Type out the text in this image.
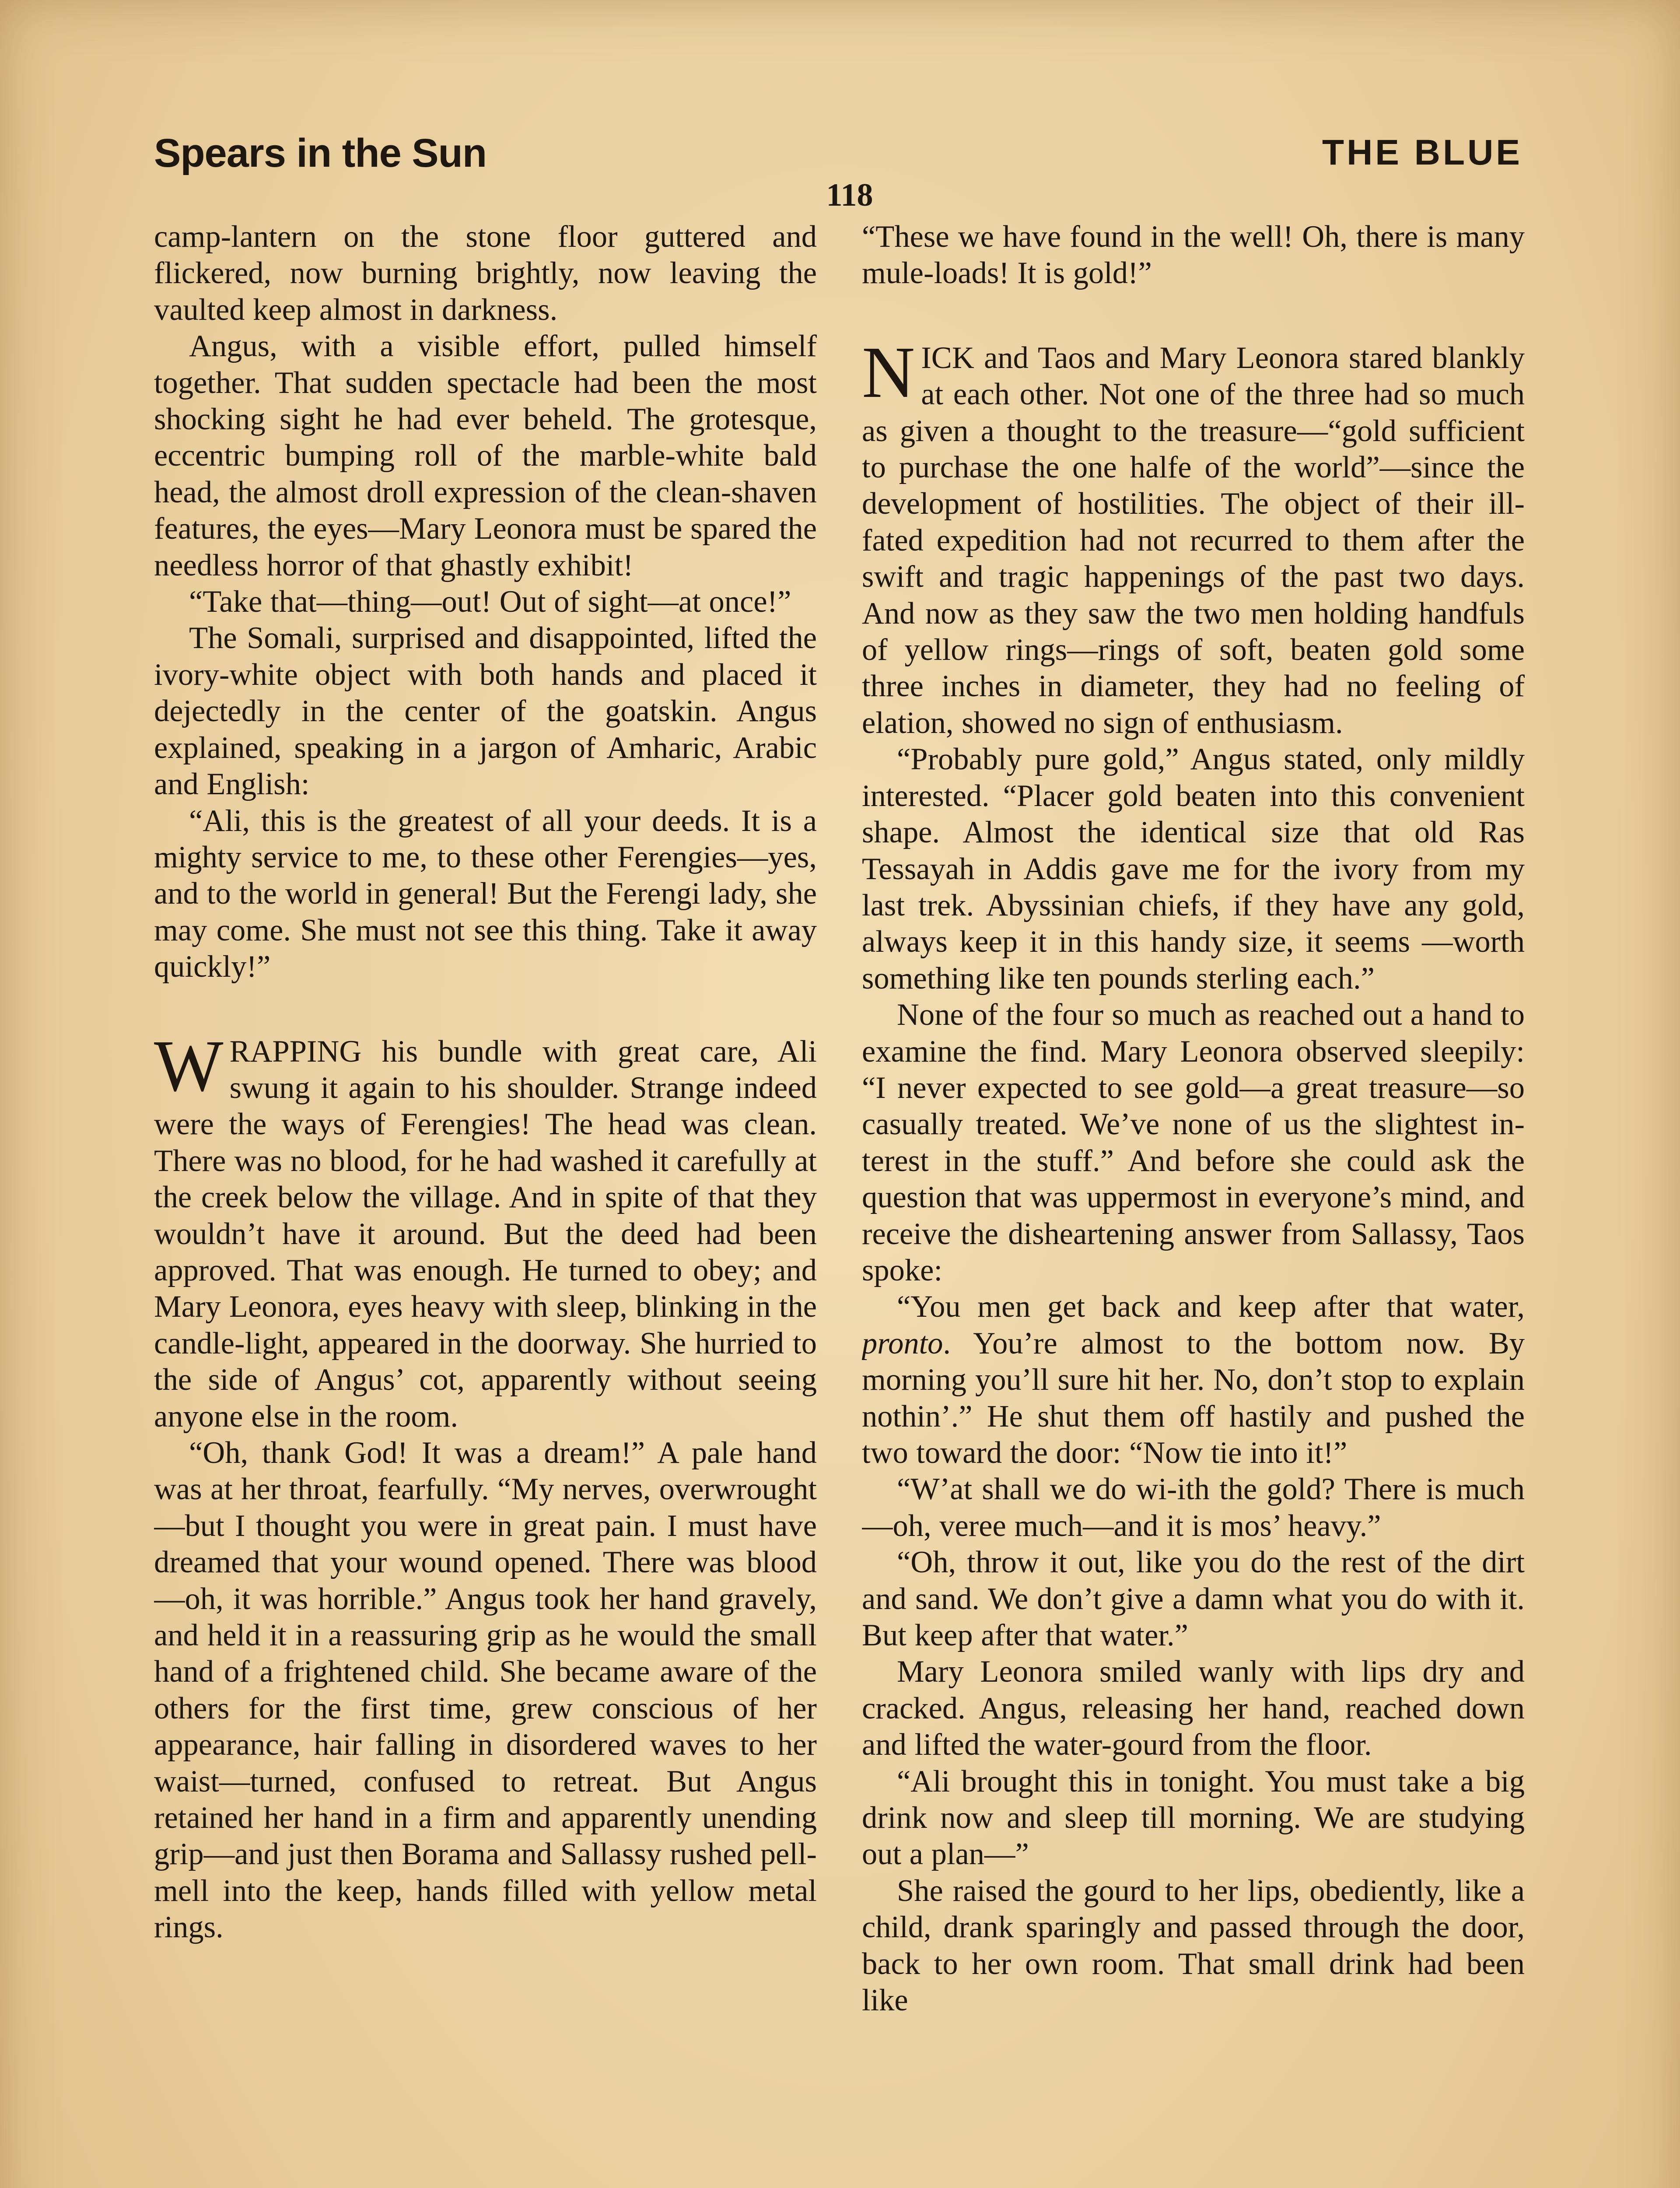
Spears in the Sun	THE BLUE
118

camp-lantern on the stone floor guttered and flickered, now burning brightly, now leaving the vaulted keep almost in darkness.

Angus, with a visible effort, pulled himself together. That sudden spectacle had been the most shocking sight he had ever beheld. The grotesque, eccentric bumping roll of the marble-white bald head, the almost droll expression of the clean-shaven features, the eyes—Mary Leonora must be spared the needless horror of that ghastly exhibit!

“Take that—thing—out! Out of sight—at once!”

The Somali, surprised and disappointed, lifted the ivory-white object with both hands and placed it dejectedly in the center of the goatskin. Angus explained, speaking in a jargon of Amharic, Arabic and English:

“Ali, this is the greatest of all your deeds. It is a mighty service to me, to these other Ferengies—yes, and to the world in general! But the Ferengi lady, she may come. She must not see this thing. Take it away quickly!”

WRAPPING his bundle with great care, Ali swung it again to his shoulder. Strange indeed were the ways of Ferengies! The head was clean. There was no blood, for he had washed it carefully at the creek below the village. And in spite of that they wouldn’t have it around. But the deed had been approved. That was enough. He turned to obey; and Mary Leonora, eyes heavy with sleep, blinking in the candle-light, appeared in the doorway. She hurried to the side of Angus’ cot, apparently without seeing anyone else in the room.

“Oh, thank God! It was a dream!” A pale hand was at her throat, fearfully. “My nerves, overwrought—but I thought you were in great pain. I must have dreamed that your wound opened. There was blood—oh, it was horrible.” Angus took her hand gravely, and held it in a reassuring grip as he would the small hand of a frightened child. She became aware of the others for the first time, grew conscious of her appearance, hair falling in disordered waves to her waist—turned, confused to retreat. But Angus retained her hand in a firm and apparently unending grip—and just then Borama and Sallassy rushed pell-mell into the keep, hands filled with yellow metal rings.

“These we have found in the well! Oh, there is many mule-loads! It is gold!”

NICK and Taos and Mary Leonora stared blankly at each other. Not one of the three had so much as given a thought to the treasure—“gold sufficient to purchase the one halfe of the world”—since the development of hostilities. The object of their ill-fated expedition had not recurred to them after the swift and tragic happenings of the past two days. And now as they saw the two men holding handfuls of yellow rings—rings of soft, beaten gold some three inches in diameter, they had no feeling of elation, showed no sign of enthusiasm.

“Probably pure gold,” Angus stated, only mildly interested. “Placer gold beaten into this convenient shape. Almost the identical size that old Ras Tessayah in Addis gave me for the ivory from my last trek. Abyssinian chiefs, if they have any gold, always keep it in this handy size, it seems —worth something like ten pounds sterling each.”

None of the four so much as reached out a hand to examine the find. Mary Leonora observed sleepily: “I never expected to see gold—a great treasure—so casually treated. We’ve none of us the slightest interest in the stuff.” And before she could ask the question that was uppermost in everyone’s mind, and receive the disheartening answer from Sallassy, Taos spoke:

“You men get back and keep after that water, pronto. You’re almost to the bottom now. By morning you’ll sure hit her. No, don’t stop to explain nothin’.” He shut them off hastily and pushed the two toward the door: “Now tie into it!”

“W’at shall we do wi-ith the gold? There is much—oh, veree much—and it is mos’ heavy.”

“Oh, throw it out, like you do the rest of the dirt and sand. We don’t give a damn what you do with it. But keep after that water.”

Mary Leonora smiled wanly with lips dry and cracked. Angus, releasing her hand, reached down and lifted the water-gourd from the floor.

“Ali brought this in tonight. You must take a big drink now and sleep till morning. We are studying out a plan—”

She raised the gourd to her lips, obediently, like a child, drank sparingly and passed through the door, back to her own room. That small drink had been like
